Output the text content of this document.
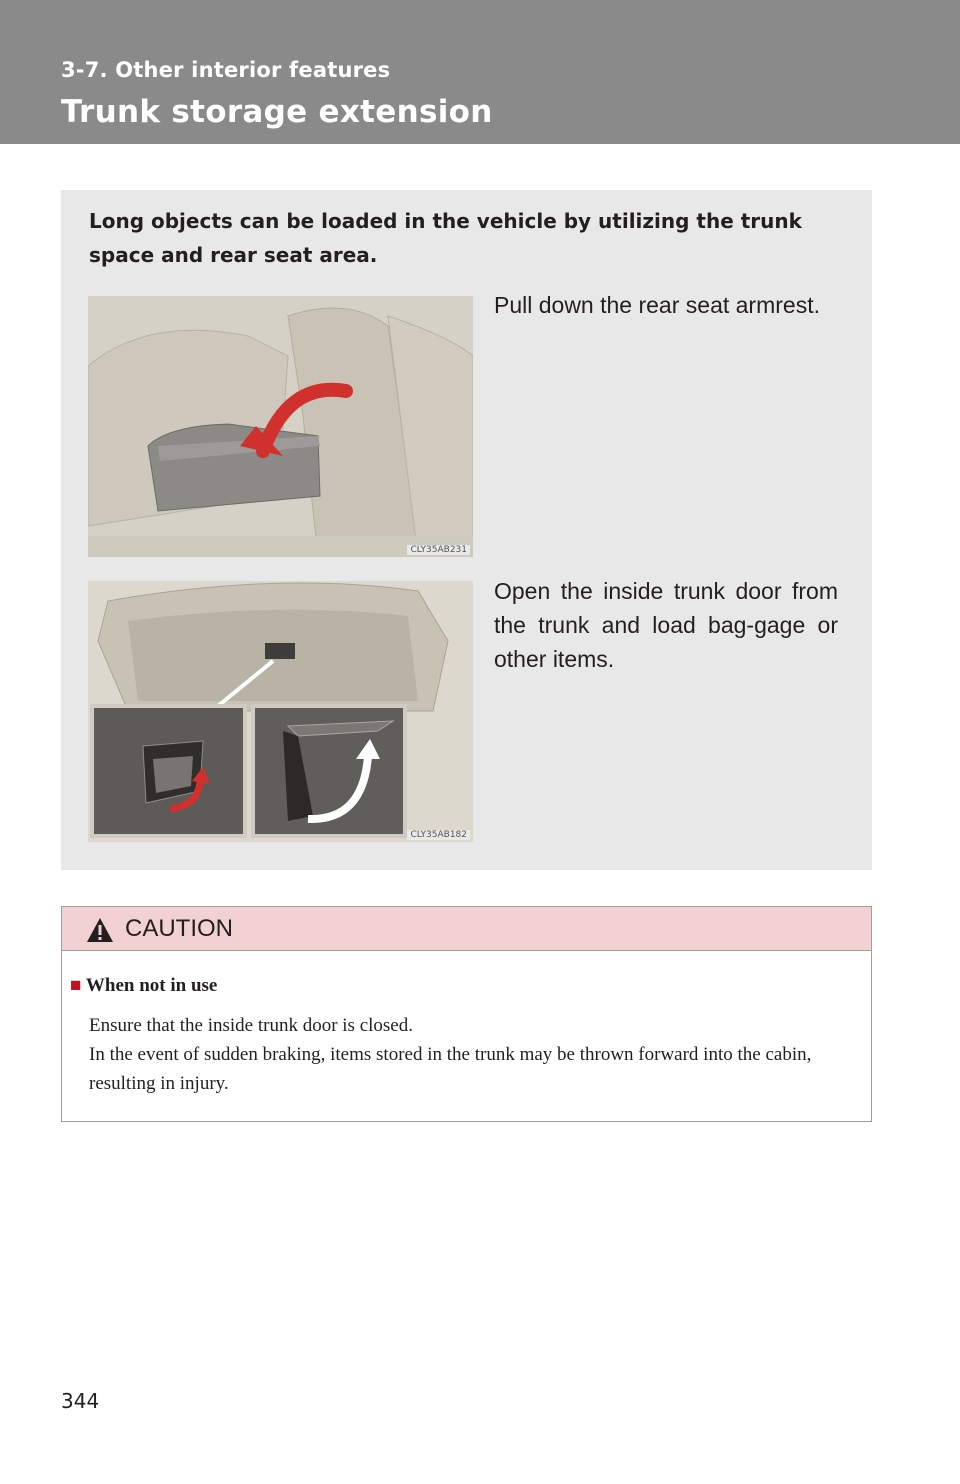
3-7. Other interior features
Trunk storage extension
Long objects can be loaded in the vehicle by utilizing the trunk space and rear seat area.
CLY35AB231
Pull down the rear seat armrest.
CLY35AB182
Open the inside trunk door from the trunk and load bag-gage or other items.
CAUTION
■ When not in use

Ensure that the inside trunk door is closed.

In the event of sudden braking, items stored in the trunk may be thrown forward into the cabin, resulting in injury.

344
